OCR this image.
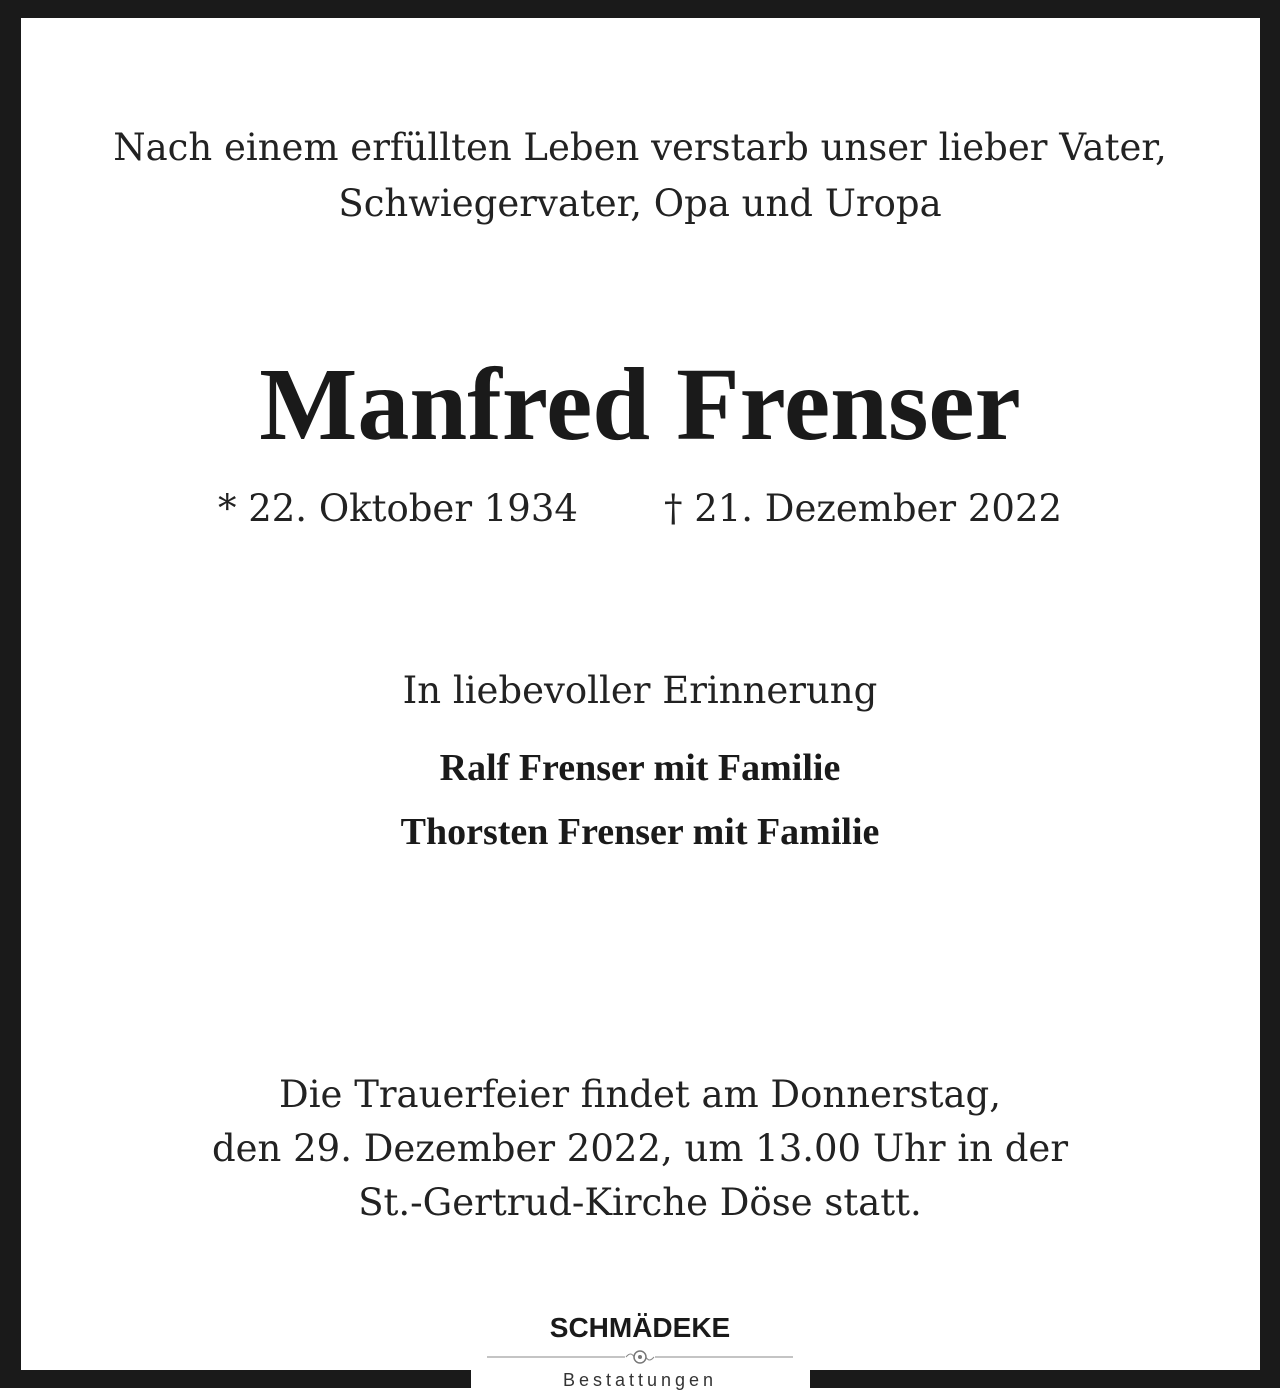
Nach einem erfüllten Leben verstarb unser lieber Vater,
Schwiegervater, Opa und Uropa
Manfred Frenser
* 22. Oktober 1934 † 21. Dezember 2022
In liebevoller Erinnerung
Ralf Frenser mit Familie
Thorsten Frenser mit Familie
Die Trauerfeier findet am Donnerstag,
den 29. Dezember 2022, um 13.00 Uhr in der
St.-Gertrud-Kirche Döse statt.
SCHMÄDEKE
Bestattungen
